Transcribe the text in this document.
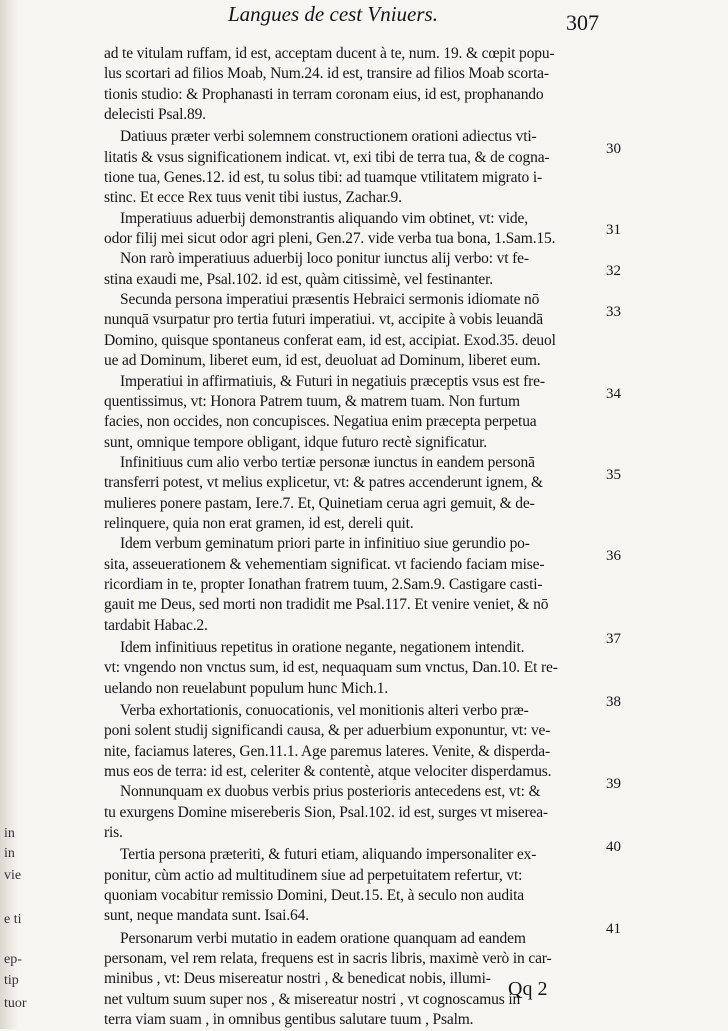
Langues de cest Vniuers.	307
in
in
vie
e ti
ep-
tip
tuor
ad te vitulam ruffam, id est, acceptam ducent à te, num. 19. & cœpit popu-
lus scortari ad filios Moab, Num.24. id est, transire ad filios Moab scorta-
tionis studio: & Prophanasti in terram coronam eius, id est, prophanando
delecisti Psal.89.
Datiuus præter verbi solemnem constructionem orationi adiectus vti-
litatis & vsus significationem indicat. vt, exi tibi de terra tua, & de cogna-
tione tua, Genes.12. id est, tu solus tibi: ad tuamque vtilitatem migrato i-
stinc. Et ecce Rex tuus venit tibi iustus, Zachar.9.
Imperatiuus aduerbij demonstrantis aliquando vim obtinet, vt: vide,
odor filij mei sicut odor agri pleni, Gen.27. vide verba tua bona, 1.Sam.15.
Non rarò imperatiuus aduerbij loco ponitur iunctus alij verbo: vt fe-
stina exaudi me, Psal.102. id est, quàm citissimè, vel festinanter.
Secunda persona imperatiui præsentis Hebraici sermonis idiomate nō
nunquā vsurpatur pro tertia futuri imperatiui. vt, accipite à vobis leuandā
Domino, quisque spontaneus conferat eam, id est, accipiat. Exod.35. deuol
ue ad Dominum, liberet eum, id est, deuoluat ad Dominum, liberet eum.
Imperatiui in affirmatiuis, & Futuri in negatiuis præceptis vsus est fre-
quentissimus, vt: Honora Patrem tuum, & matrem tuam. Non furtum
facies, non occides, non concupisces. Negatiua enim præcepta perpetua
sunt, omnique tempore obligant, idque futuro rectè significatur.
Infinitiuus cum alio verbo tertiæ personæ iunctus in eandem personā
transferri potest, vt melius explicetur, vt: & patres accenderunt ignem, &
mulieres ponere pastam, Iere.7. Et, Quinetiam cerua agri gemuit, & de-
relinquere, quia non erat gramen, id est, dereli quit.
Idem verbum geminatum priori parte in infinitiuo siue gerundio po-
sita, asseuerationem & vehementiam significat. vt faciendo faciam mise-
ricordiam in te, propter Ionathan fratrem tuum, 2.Sam.9. Castigare casti-
gauit me Deus, sed morti non tradidit me Psal.117. Et venire veniet, & nō
tardabit Habac.2.
Idem infinitiuus repetitus in oratione negante, negationem intendit.
vt: vngendo non vnctus sum, id est, nequaquam sum vnctus, Dan.10. Et re-
uelando non reuelabunt populum hunc Mich.1.
Verba exhortationis, conuocationis, vel monitionis alteri verbo præ-
poni solent studij significandi causa, & per aduerbium exponuntur, vt: ve-
nite, faciamus lateres, Gen.11.1. Age paremus lateres. Venite, & disperda-
mus eos de terra: id est, celeriter & contentè, atque velociter disperdamus.
Nonnunquam ex duobus verbis prius posterioris antecedens est, vt: &
tu exurgens Domine misereberis Sion, Psal.102. id est, surges vt miserea-
ris.
Tertia persona præteriti, & futuri etiam, aliquando impersonaliter ex-
ponitur, cùm actio ad multitudinem siue ad perpetuitatem refertur, vt:
quoniam vocabitur remissio Domini, Deut.15. Et, à seculo non audita
sunt, neque mandata sunt. Isai.64.
Personarum verbi mutatio in eadem oratione quanquam ad eandem
personam, vel rem relata, frequens est in sacris libris, maximè verò in car-
minibus , vt: Deus misereatur nostri , & benedicat nobis, illumi-
net vultum suum super nos , & misereatur nostri , vt cognoscamus in
terra viam suam , in omnibus gentibus salutare tuum , Psalm.
30
31
32
33
34
35
36
37
38
39
40
41
Qq 2
